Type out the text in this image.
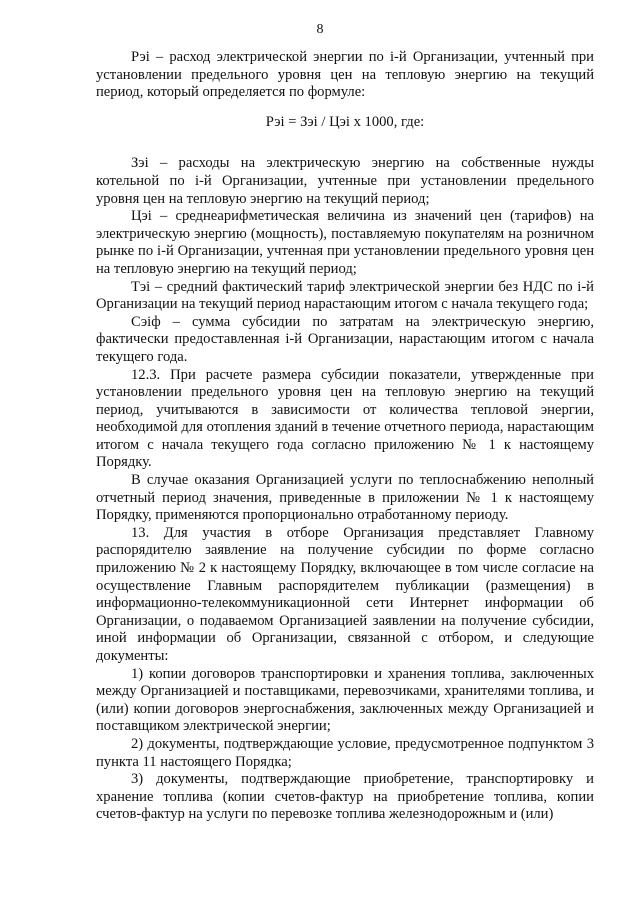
8

Рэі – расход электрической энергии по і-й Организации, учтенный при установлении предельного уровня цен на тепловую энергию на текущий период, который определяется по формуле:

Рэі = Зэі / Цэі х 1000, где:

Зэі – расходы на электрическую энергию на собственные нужды котельной по і-й Организации, учтенные при установлении предельного уровня цен на тепловую энергию на текущий период;

Цэі – среднеарифметическая величина из значений цен (тарифов) на электрическую энергию (мощность), поставляемую покупателям на розничном рынке по і-й Организации, учтенная при установлении предельного уровня цен на тепловую энергию на текущий период;

Тэі – средний фактический тариф электрической энергии без НДС по і-й Организации на текущий период нарастающим итогом с начала текущего года;

Сэіф – сумма субсидии по затратам на электрическую энергию, фактически предоставленная і-й Организации, нарастающим итогом с начала текущего года.

12.3. При расчете размера субсидии показатели, утвержденные при установлении предельного уровня цен на тепловую энергию на текущий период, учитываются в зависимости от количества тепловой энергии, необходимой для отопления зданий в течение отчетного периода, нарастающим итогом с начала текущего года согласно приложению № 1 к настоящему Порядку.

В случае оказания Организацией услуги по теплоснабжению неполный отчетный период значения, приведенные в приложении № 1 к настоящему Порядку, применяются пропорционально отработанному периоду.

13. Для участия в отборе Организация представляет Главному распорядителю заявление на получение субсидии по форме согласно приложению № 2 к настоящему Порядку, включающее в том числе согласие на осуществление Главным распорядителем публикации (размещения) в информационно-телекоммуникационной сети Интернет информации об Организации, о подаваемом Организацией заявлении на получение субсидии, иной информации об Организации, связанной с отбором, и следующие документы:

1) копии договоров транспортировки и хранения топлива, заключенных между Организацией и поставщиками, перевозчиками, хранителями топлива, и (или) копии договоров энергоснабжения, заключенных между Организацией и поставщиком электрической энергии;

2) документы, подтверждающие условие, предусмотренное подпунктом 3 пункта 11 настоящего Порядка;

3) документы, подтверждающие приобретение, транспортировку и хранение топлива (копии счетов-фактур на приобретение топлива, копии счетов-фактур на услуги по перевозке топлива железнодорожным и (или)
